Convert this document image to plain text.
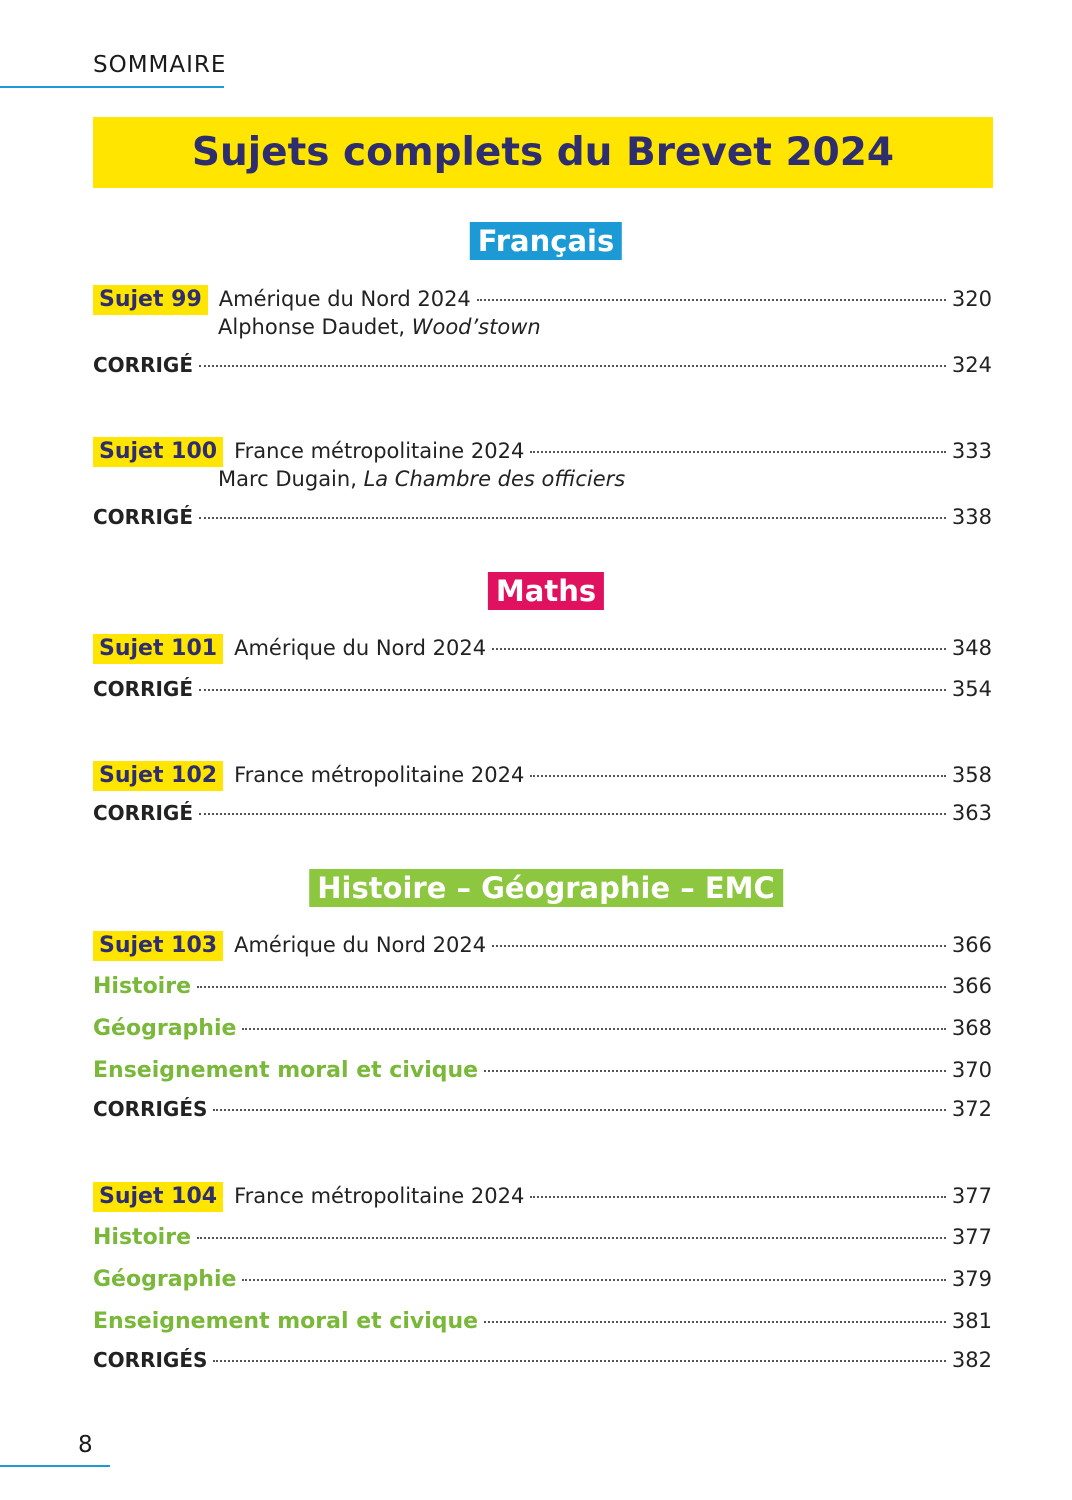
SOMMAIRE
Sujets complets du Brevet 2024
Français
Sujet 99 Amérique du Nord 2024	320
Alphonse Daudet, Wood’stown
CORRIGÉ	324
Sujet 100 France métropolitaine 2024	333
Marc Dugain, La Chambre des officiers
CORRIGÉ	338
Maths
Sujet 101 Amérique du Nord 2024	348
CORRIGÉ	354
Sujet 102 France métropolitaine 2024	358
CORRIGÉ	363
Histoire – Géographie – EMC
Sujet 103 Amérique du Nord 2024	366
Histoire	366
Géographie	368
Enseignement moral et civique	370
CORRIGÉS	372
Sujet 104 France métropolitaine 2024	377
Histoire	377
Géographie	379
Enseignement moral et civique	381
CORRIGÉS	382
8
